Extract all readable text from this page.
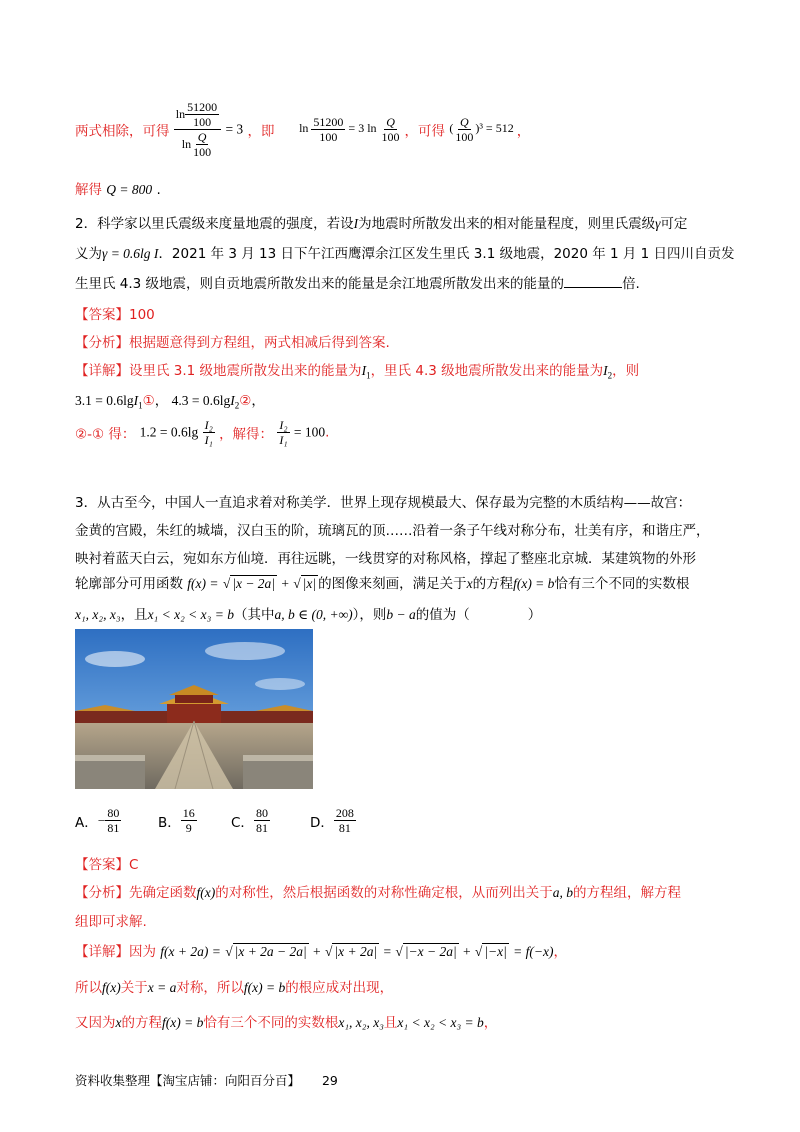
两式相除，可得 $\frac{\ln \frac{51200}{100}}{\ln \frac{Q}{100}} = 3$ ，即 $\ln \frac{51200}{100} = 3$ $\ln \frac{Q}{100}$ ，可得 ( $\frac{Q}{100} )^3 = 512$ ，
解得 Q = 800 .
2．科学家以里氏震级来度量地震的强度，若设I为地震时所散发出来的相对能量程度，则里氏震级γ可定
义为γ = 0.6lg I．2021 年 3 月 13 日下午江西鹰潭余江区发生里氏 3.1 级地震，2020 年 1 月 1 日四川自贡发
生里氏 4.3 级地震，则自贡地震所散发出来的能量是余江地震所散发出来的能量的	倍.
【答案】100
【分析】根据题意得到方程组，两式相减后得到答案.
【详解】设里氏 3.1 级地震所散发出来的能量为$I_1$，里氏 4.3 级地震所散发出来的能量为$I_2$，则
3.1 = 0.6lgI$_1$①， 4.3 = 0.6lgI$_2$②，
②-① 得： $1.2 = 0.6\lg \frac{\text{I₂}}{\text{I₁}}$ ，解得： $\frac{\text{I₂}}{\text{I₁}} = 100$.
3．从古至今，中国人一直追求着对称美学．世界上现存规模最大、保存最为完整的木质结构——故宫：
金黄的宫殿，朱红的城墙，汉白玉的阶，琉璃瓦的顶……沿着一条子午线对称分布，壮美有序，和谐庄严，
映衬着蓝天白云，宛如东方仙境．再往远眺，一线贯穿的对称风格，撑起了整座北京城．某建筑物的外形
轮廓部分可用函数 f(x) = √ |x − 2a| + √ |x| 的图像来刻画，满足关于x的方程f(x) = b恰有三个不同的实数根
x₁, x₂, x₃，且x₁ < x₂ < x₃ = b（其中a, b ∈ (0, +∞)），则b − a的值为（	）
A． − $\frac{80}{81}$	B． $\frac{16}{9}$	C． $\frac{80}{81}$	D． $\frac{208}{81}$
【答案】C
【分析】先确定函数f(x)的对称性，然后根据函数的对称性确定根，从而列出关于a, b的方程组，解方程
组即可求解.
【详解】因为 f(x + 2a) = √ |x + 2a − 2a| + √ |x + 2a| = √ |−x − 2a| + √ |−x| = f(−x)，
所以f(x)关于x = a对称，所以f(x) = b的根应成对出现，
又因为x的方程f(x) = b恰有三个不同的实数根x₁, x₂, x₃且x₁ < x₂ < x₃ = b，
资料收集整理【淘宝店铺：向阳百分百】 29
